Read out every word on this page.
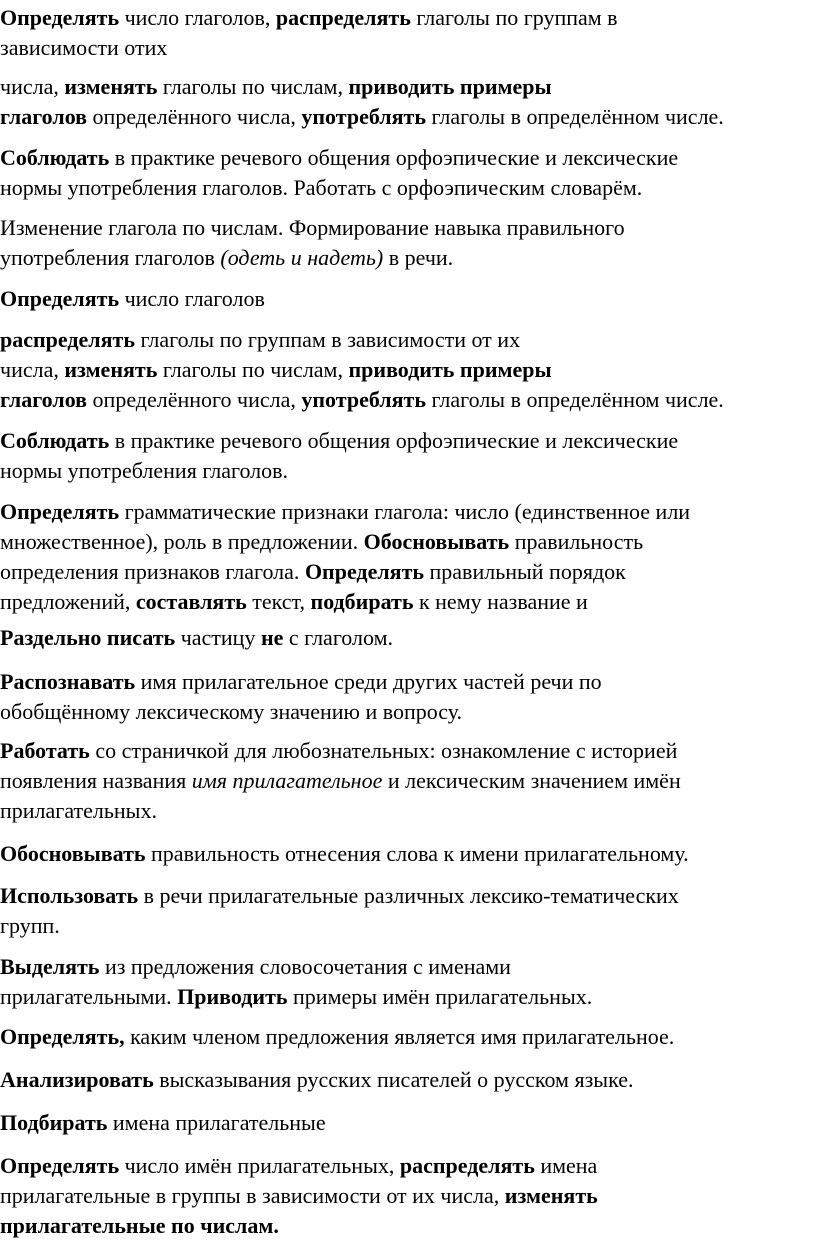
Определять число глаголов, распределять глаголы по группам в
зависимости отих

числа, изменять глаголы по числам, приводить примеры
глаголов определённого числа, употреблять глаголы в определённом числе.

Соблюдать в практике речевого общения орфоэпические и лексические
нормы употребления глаголов. Работать с орфоэпическим словарём.

Изменение глагола по числам. Формирование навыка правильного
употребления глаголов (одеть и надеть) в речи.

Определять число глаголов

распределять глаголы по группам в зависимости от их
числа, изменять глаголы по числам, приводить примеры
глаголов определённого числа, употреблять глаголы в определённом числе.

Соблюдать в практике речевого общения орфоэпические и лексические
нормы употребления глаголов.

Определять грамматические признаки глагола: число (единственное или
множественное), роль в предложении. Обосновывать правильность
определения признаков глагола. Определять правильный порядок
предложений, составлять текст, подбирать к нему название и

Раздельно писать частицу не с глаголом.

Распознавать имя прилагательное среди других частей речи по
обобщённому лексическому значению и вопросу.

Работать со страничкой для любознательных: ознакомление с историей
появления названия имя прилагательное и лексическим значением имён
прилагательных.

Обосновывать правильность отнесения слова к имени прилагательному.

Использовать в речи прилагательные различных лексико-тематических
групп.

Выделять из предложения словосочетания с именами
прилагательными. Приводить примеры имён прилагательных.

Определять, каким членом предложения является имя прилагательное.

Анализировать высказывания русских писателей о русском языке.

Подбирать имена прилагательные

Определять число имён прилагательных, распределять имена
прилагательные в группы в зависимости от их числа, изменять
прилагательные по числам.
